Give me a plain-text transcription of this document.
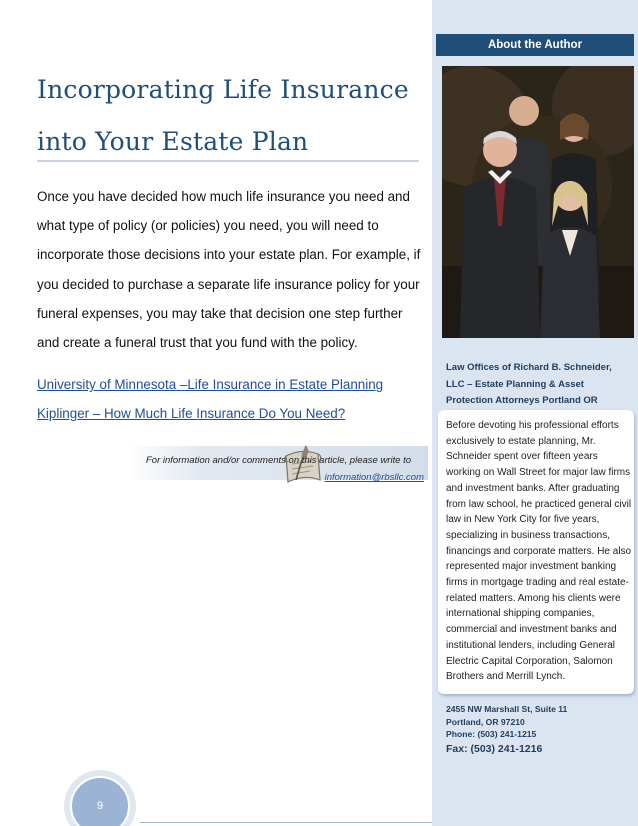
Incorporating Life Insurance
into Your Estate Plan

Once you have decided how much life insurance you need and what type of policy (or policies) you need, you will need to incorporate those decisions into your estate plan. For example, if you decided to purchase a separate life insurance policy for your funeral expenses, you may take that decision one step further and create a funeral trust that you fund with the policy.

University of Minnesota –Life Insurance in Estate Planning
Kiplinger – How Much Life Insurance Do You Need?
For information and/or comments on this article, please write to
information@rbsllc.com
9
About the Author
Law Offices of Richard B. Schneider, LLC – Estate Planning & Asset Protection Attorneys Portland OR

Before devoting his professional efforts exclusively to estate planning, Mr. Schneider spent over fifteen years working on Wall Street for major law firms and investment banks. After graduating from law school, he practiced general civil law in New York City for five years, specializing in business transactions, financings and corporate matters. He also represented major investment banking firms in mortgage trading and real estate-related matters. Among his clients were international shipping companies, commercial and investment banks and institutional lenders, including General Electric Capital Corporation, Salomon Brothers and Merrill Lynch.

2455 NW Marshall St, Suite 11
Portland, OR 97210
Phone: (503) 241-1215
Fax: (503) 241-1216
